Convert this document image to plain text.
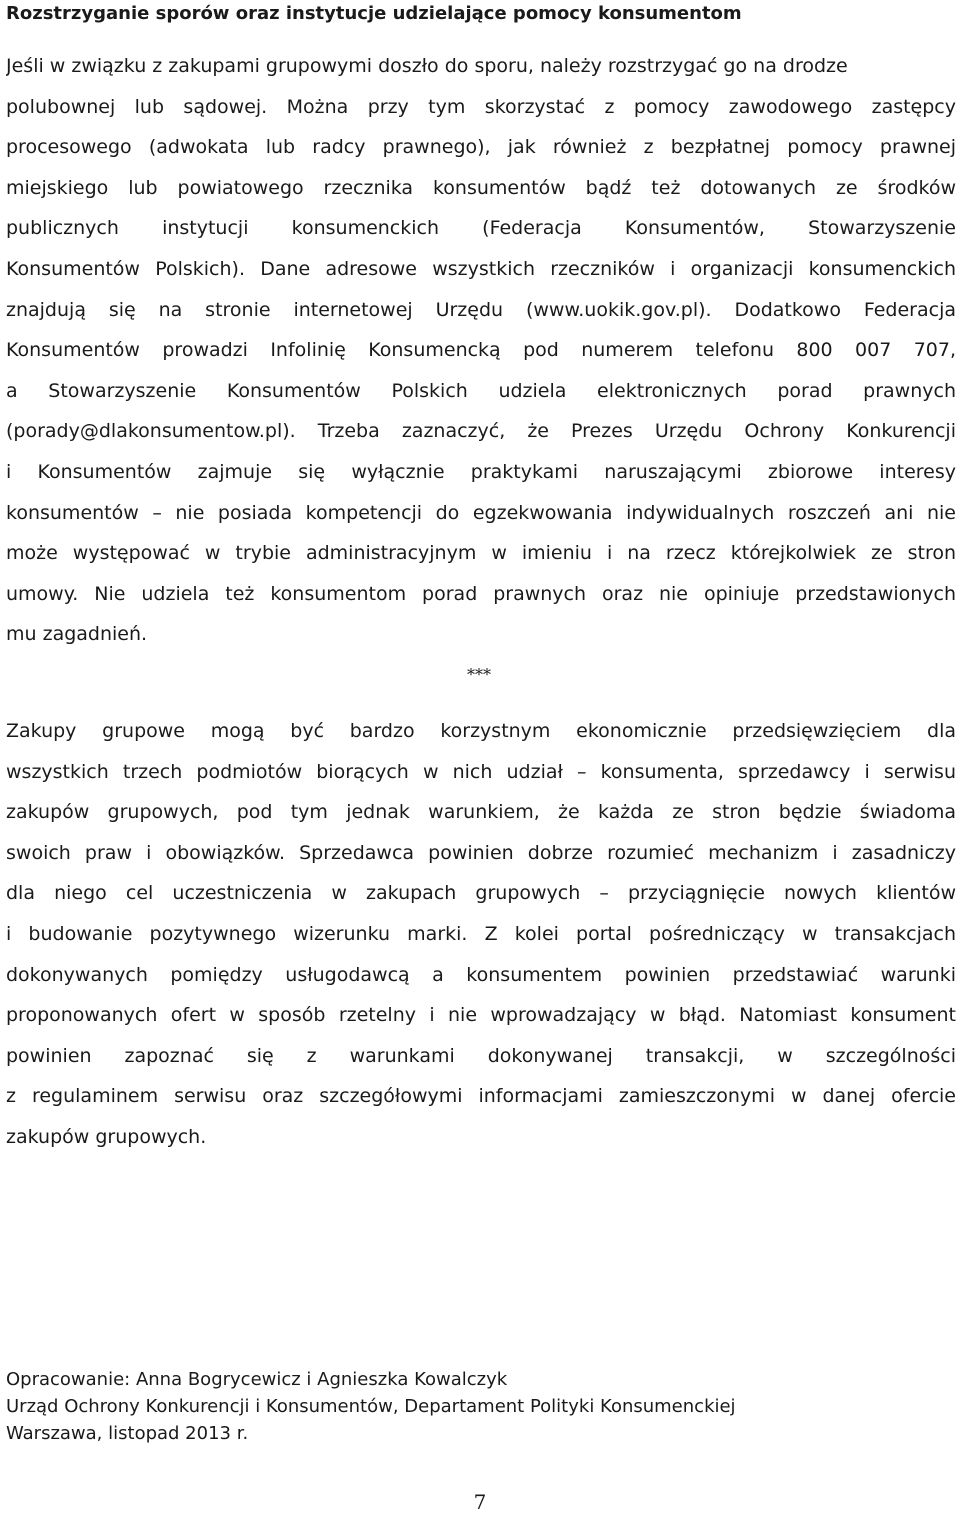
Rozstrzyganie sporów oraz instytucje udzielające pomocy konsumentom
Jeśli w związku z zakupami grupowymi doszło do sporu, należy rozstrzygać go na drodze
polubownej lub sądowej. Można przy tym skorzystać z pomocy zawodowego zastępcy
procesowego (adwokata lub radcy prawnego), jak również z bezpłatnej pomocy prawnej
miejskiego lub powiatowego rzecznika konsumentów bądź też dotowanych ze środków
publicznych instytucji konsumenckich (Federacja Konsumentów, Stowarzyszenie
Konsumentów Polskich). Dane adresowe wszystkich rzeczników i organizacji konsumenckich
znajdują się na stronie internetowej Urzędu (www.uokik.gov.pl). Dodatkowo Federacja
Konsumentów prowadzi Infolinię Konsumencką pod numerem telefonu 800 007 707,
a Stowarzyszenie Konsumentów Polskich udziela elektronicznych porad prawnych
(porady@dlakonsumentow.pl). Trzeba zaznaczyć, że Prezes Urzędu Ochrony Konkurencji
i Konsumentów zajmuje się wyłącznie praktykami naruszającymi zbiorowe interesy
konsumentów – nie posiada kompetencji do egzekwowania indywidualnych roszczeń ani nie
może występować w trybie administracyjnym w imieniu i na rzecz którejkolwiek ze stron
umowy. Nie udziela też konsumentom porad prawnych oraz nie opiniuje przedstawionych
mu zagadnień.
***
Zakupy grupowe mogą być bardzo korzystnym ekonomicznie przedsięwzięciem dla
wszystkich trzech podmiotów biorących w nich udział – konsumenta, sprzedawcy i serwisu
zakupów grupowych, pod tym jednak warunkiem, że każda ze stron będzie świadoma
swoich praw i obowiązków. Sprzedawca powinien dobrze rozumieć mechanizm i zasadniczy
dla niego cel uczestniczenia w zakupach grupowych – przyciągnięcie nowych klientów
i budowanie pozytywnego wizerunku marki. Z kolei portal pośredniczący w transakcjach
dokonywanych pomiędzy usługodawcą a konsumentem powinien przedstawiać warunki
proponowanych ofert w sposób rzetelny i nie wprowadzający w błąd. Natomiast konsument
powinien zapoznać się z warunkami dokonywanej transakcji, w szczególności
z regulaminem serwisu oraz szczegółowymi informacjami zamieszczonymi w danej ofercie
zakupów grupowych.
Opracowanie: Anna Bogrycewicz i Agnieszka Kowalczyk
Urząd Ochrony Konkurencji i Konsumentów, Departament Polityki Konsumenckiej
Warszawa, listopad 2013 r.
7
